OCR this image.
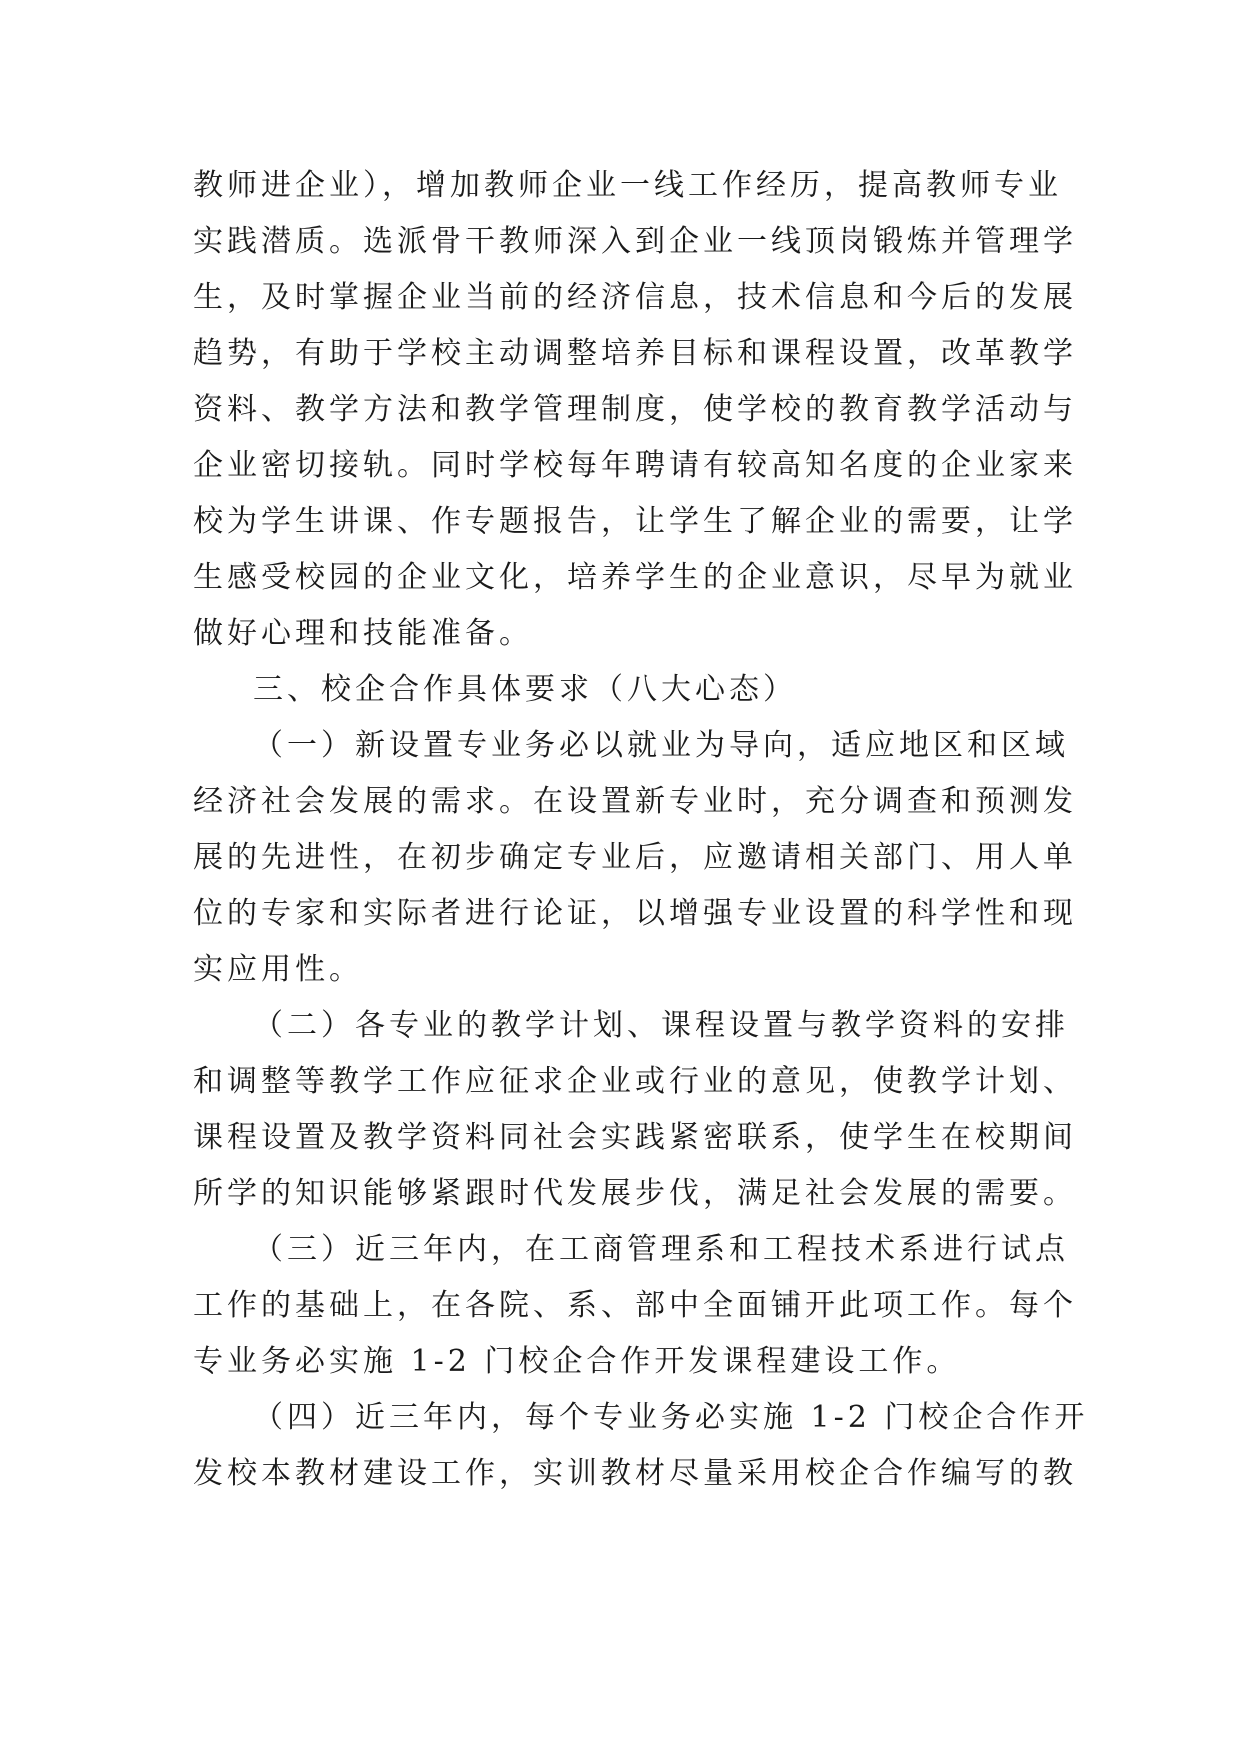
教师进企业），增加教师企业一线工作经历，提高教师专业
实践潜质。选派骨干教师深入到企业一线顶岗锻炼并管理学
生，及时掌握企业当前的经济信息，技术信息和今后的发展
趋势，有助于学校主动调整培养目标和课程设置，改革教学
资料、教学方法和教学管理制度，使学校的教育教学活动与
企业密切接轨。同时学校每年聘请有较高知名度的企业家来
校为学生讲课、作专题报告，让学生了解企业的需要，让学
生感受校园的企业文化，培养学生的企业意识，尽早为就业
做好心理和技能准备。
三、校企合作具体要求（八大心态）
（一）新设置专业务必以就业为导向，适应地区和区域
经济社会发展的需求。在设置新专业时，充分调查和预测发
展的先进性，在初步确定专业后，应邀请相关部门、用人单
位的专家和实际者进行论证，以增强专业设置的科学性和现
实应用性。
（二）各专业的教学计划、课程设置与教学资料的安排
和调整等教学工作应征求企业或行业的意见，使教学计划、
课程设置及教学资料同社会实践紧密联系，使学生在校期间
所学的知识能够紧跟时代发展步伐，满足社会发展的需要。
（三）近三年内，在工商管理系和工程技术系进行试点
工作的基础上，在各院、系、部中全面铺开此项工作。每个
专业务必实施 1-2 门校企合作开发课程建设工作。
（四）近三年内，每个专业务必实施 1-2 门校企合作开
发校本教材建设工作，实训教材尽量采用校企合作编写的教
